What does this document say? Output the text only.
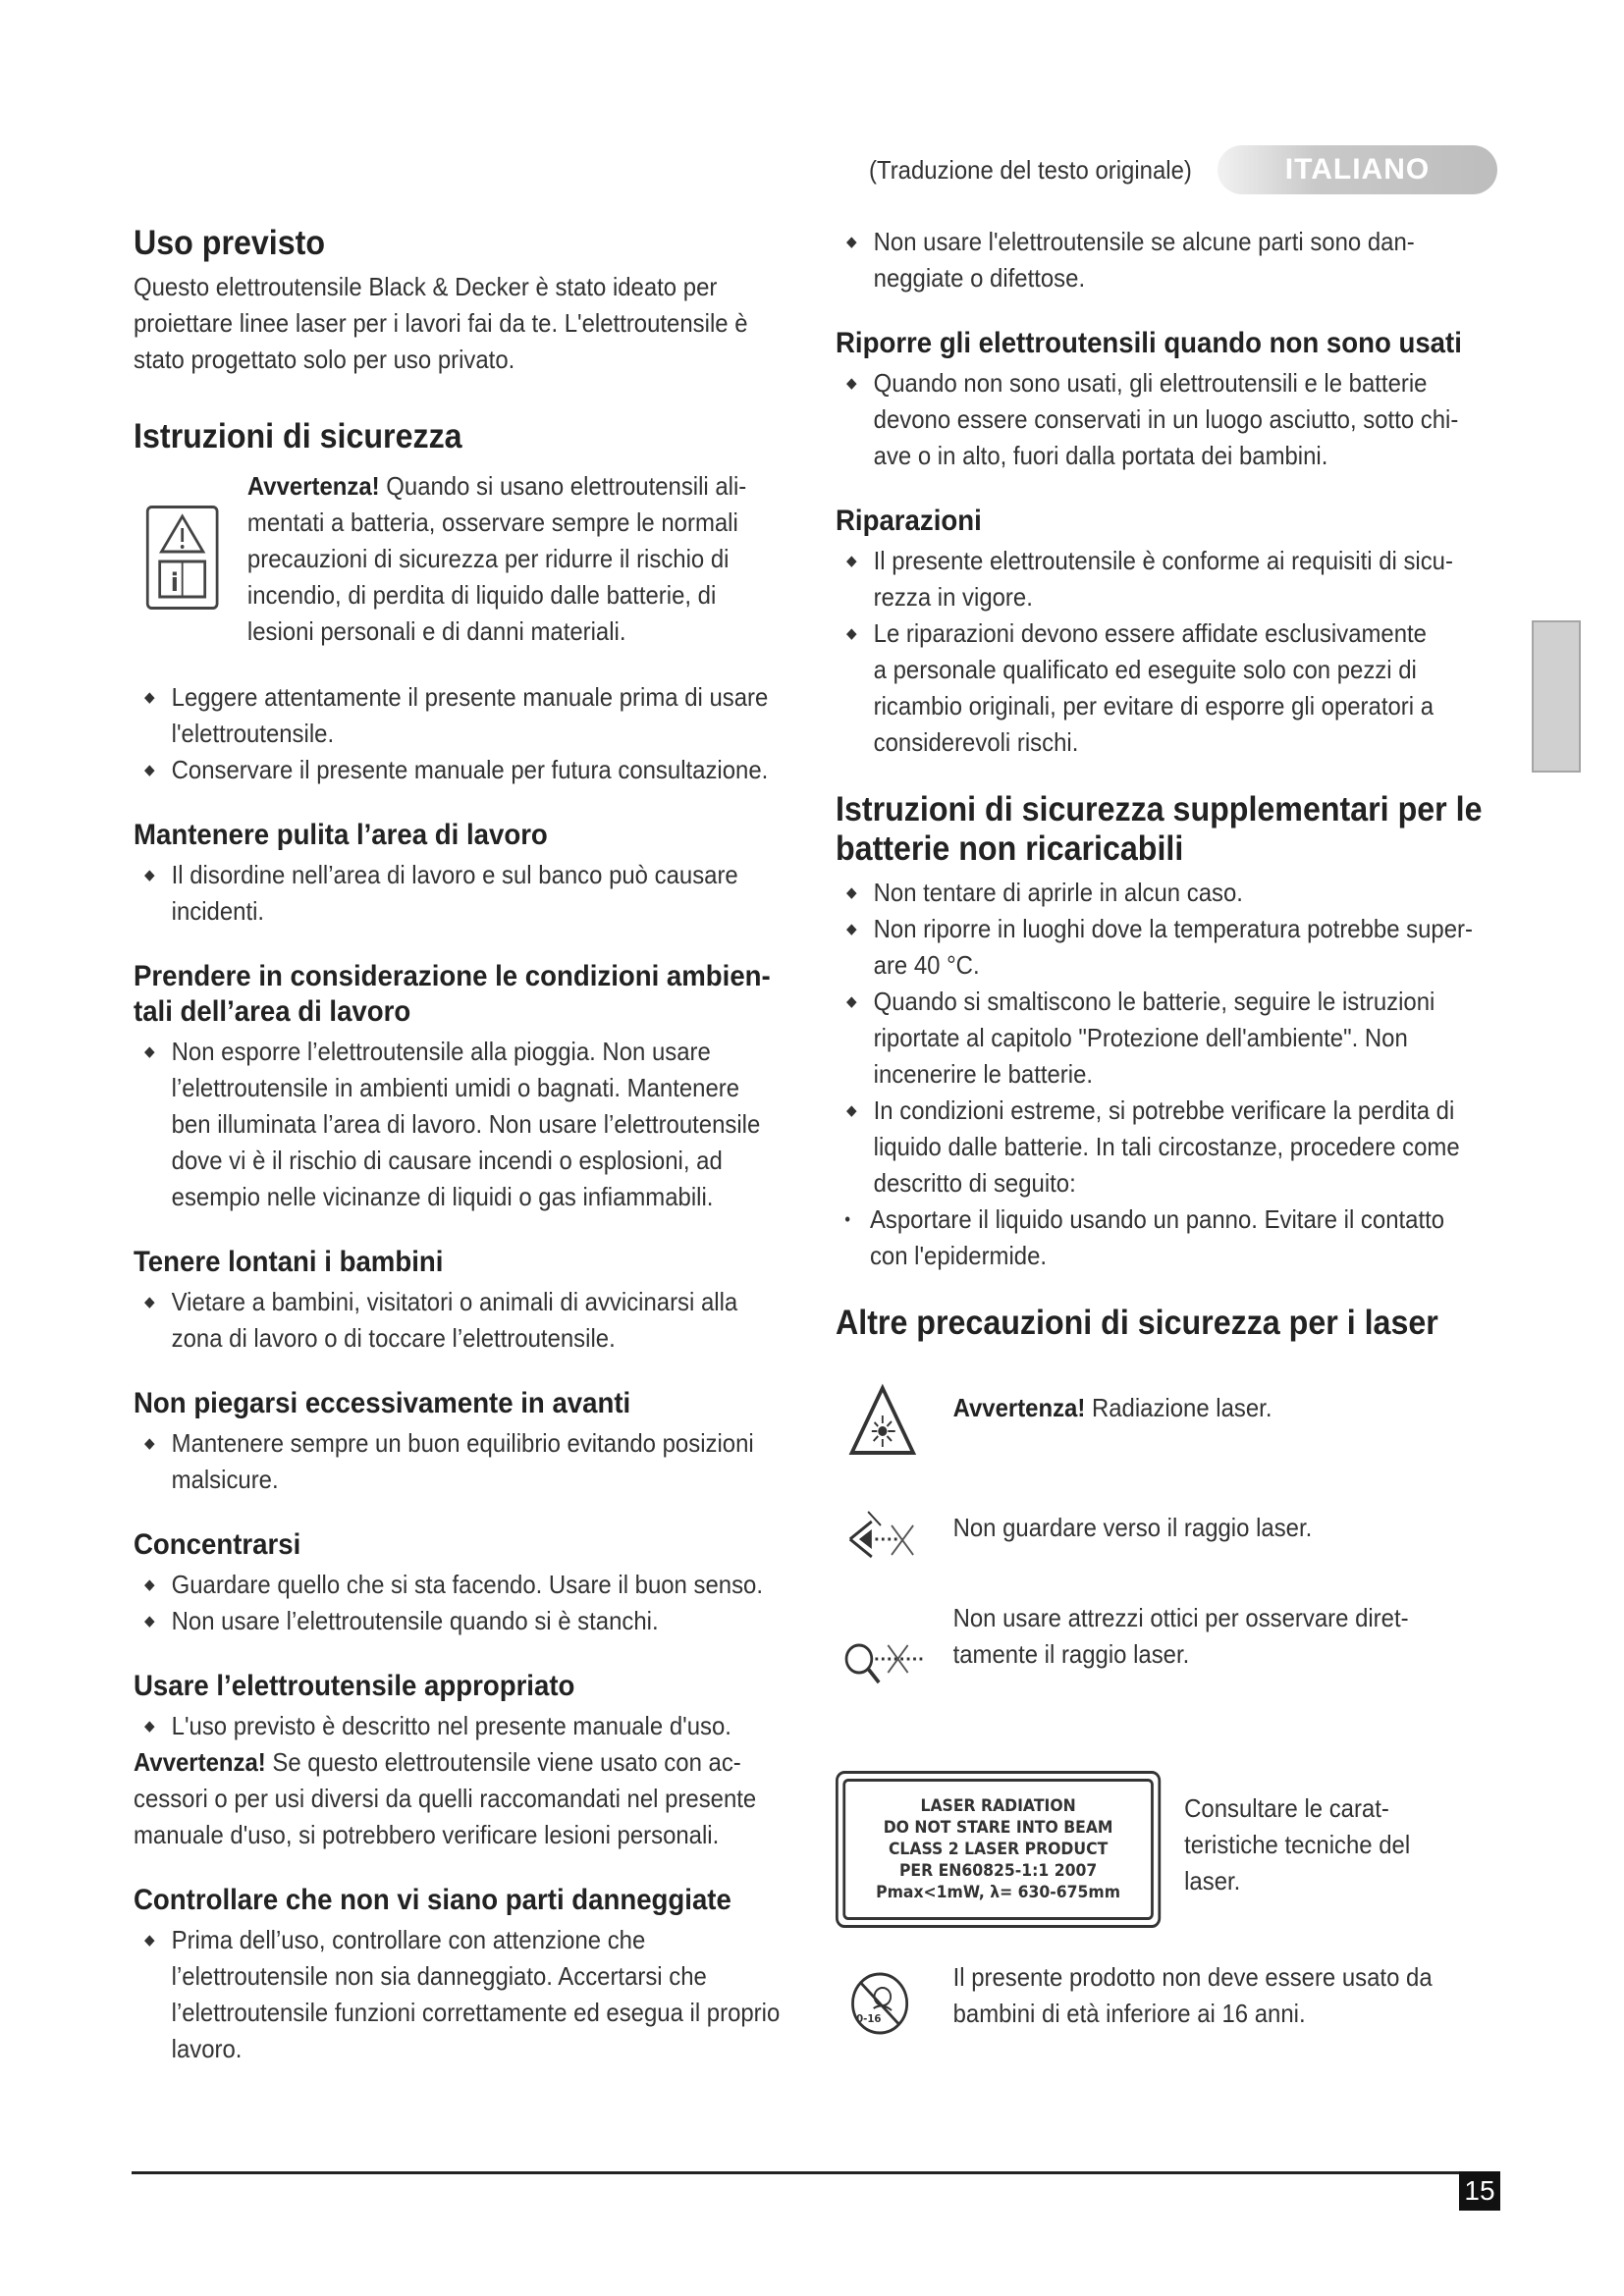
(Traduzione del testo originale)	ITALIANO
Uso previsto

Questo elettroutensile Black & Decker è stato ideato per
proiettare linee laser per i lavori fai da te. L'elettroutensile è
stato progettato solo per uso privato.

Istruzioni di sicurezza
i

Avvertenza! Quando si usano elettroutensili ali-
mentati a batteria, osservare sempre le normali
precauzioni di sicurezza per ridurre il rischio di
incendio, di perdita di liquido dalle batterie, di
lesioni personali e di danni materiali.

◆ Leggere attentamente il presente manuale prima di usare
l'elettroutensile.
◆ Conservare il presente manuale per futura consultazione.
Mantenere pulita l’area di lavoro
◆ Il disordine nell’area di lavoro e sul banco può causare
incidenti.
Prendere in considerazione le condizioni ambien-
tali dell’area di lavoro
◆ Non esporre l’elettroutensile alla pioggia. Non usare
l’elettroutensile in ambienti umidi o bagnati. Mantenere
ben illuminata l’area di lavoro. Non usare l’elettroutensile
dove vi è il rischio di causare incendi o esplosioni, ad
esempio nelle vicinanze di liquidi o gas infiammabili.
Tenere lontani i bambini
◆ Vietare a bambini, visitatori o animali di avvicinarsi alla
zona di lavoro o di toccare l’elettroutensile.
Non piegarsi eccessivamente in avanti
◆ Mantenere sempre un buon equilibrio evitando posizioni
malsicure.
Concentrarsi
◆ Guardare quello che si sta facendo. Usare il buon senso.
◆ Non usare l’elettroutensile quando si è stanchi.
Usare l’elettroutensile appropriato
◆ L'uso previsto è descritto nel presente manuale d'uso.

Avvertenza! Se questo elettroutensile viene usato con ac-
cessori o per usi diversi da quelli raccomandati nel presente
manuale d'uso, si potrebbero verificare lesioni personali.

Controllare che non vi siano parti danneggiate
◆ Prima dell’uso, controllare con attenzione che
l’elettroutensile non sia danneggiato. Accertarsi che
l’elettroutensile funzioni correttamente ed esegua il proprio
lavoro.
◆ Non usare l'elettroutensile se alcune parti sono dan-
neggiate o difettose.
Riporre gli elettroutensili quando non sono usati
◆ Quando non sono usati, gli elettroutensili e le batterie
devono essere conservati in un luogo asciutto, sotto chi-
ave o in alto, fuori dalla portata dei bambini.
Riparazioni
◆ Il presente elettroutensile è conforme ai requisiti di sicu-
rezza in vigore.
◆ Le riparazioni devono essere affidate esclusivamente
a personale qualificato ed eseguite solo con pezzi di
ricambio originali, per evitare di esporre gli operatori a
considerevoli rischi.
Istruzioni di sicurezza supplementari per le
batterie non ricaricabili
◆ Non tentare di aprirle in alcun caso.
◆ Non riporre in luoghi dove la temperatura potrebbe super-
are 40 °C.
◆ Quando si smaltiscono le batterie, seguire le istruzioni
riportate al capitolo "Protezione dell'ambiente". Non
incenerire le batterie.
◆ In condizioni estreme, si potrebbe verificare la perdita di
liquido dalle batterie. In tali circostanze, procedere come
descritto di seguito:
• Asportare il liquido usando un panno. Evitare il contatto
con l'epidermide.
Altre precauzioni di sicurezza per i laser

Avvertenza! Radiazione laser.

Non guardare verso il raggio laser.

Non usare attrezzi ottici per osservare diret-
tamente il raggio laser.

LASER RADIATION
DO NOT STARE INTO BEAM
CLASS 2 LASER PRODUCT
PER EN60825-1:1 2007
Pmax<1mW, λ= 630-675mm

Consultare le carat-
teristiche tecniche del
laser.

0-16

Il presente prodotto non deve essere usato da
bambini di età inferiore ai 16 anni.

15
